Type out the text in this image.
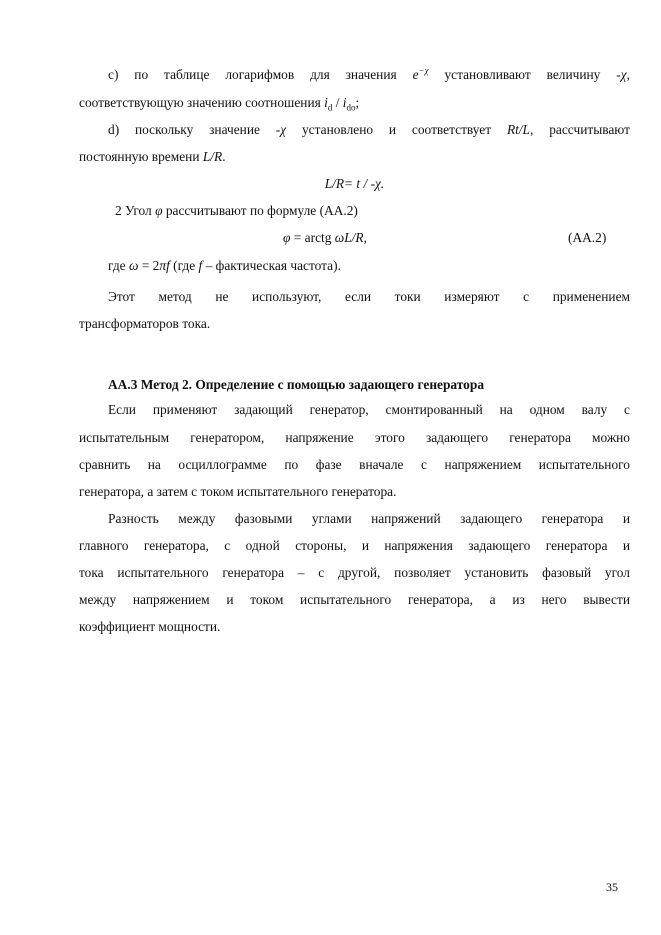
с) по таблице логарифмов для значения $e^{-\chi}$ установливают величину -χ,
соответствующую значению соотношения $i_d / i_{do}$;
d) поскольку значение -χ установлено и соответствует Rt/L, рассчитывают
постоянную времени L/R.
L/R= t / -χ.
2 Угол φ рассчитывают по формуле (АА.2)
φ = arctg ωL/R,	(АА.2)
где ω = 2πf (где f – фактическая частота).
Этот метод не используют, если токи измеряют с применением
трансформаторов тока.
АА.3 Метод 2. Определение с помощью задающего генератора
Если применяют задающий генератор, смонтированный на одном валу с
испытательным генератором, напряжение этого задающего генератора можно
сравнить на осциллограмме по фазе вначале с напряжением испытательного
генератора, а затем с током испытательного генератора.
Разность между фазовыми углами напряжений задающего генератора и
главного генератора, с одной стороны, и напряжения задающего генератора и
тока испытательного генератора – с другой, позволяет установить фазовый угол
между напряжением и током испытательного генератора, а из него вывести
коэффициент мощности.
35
